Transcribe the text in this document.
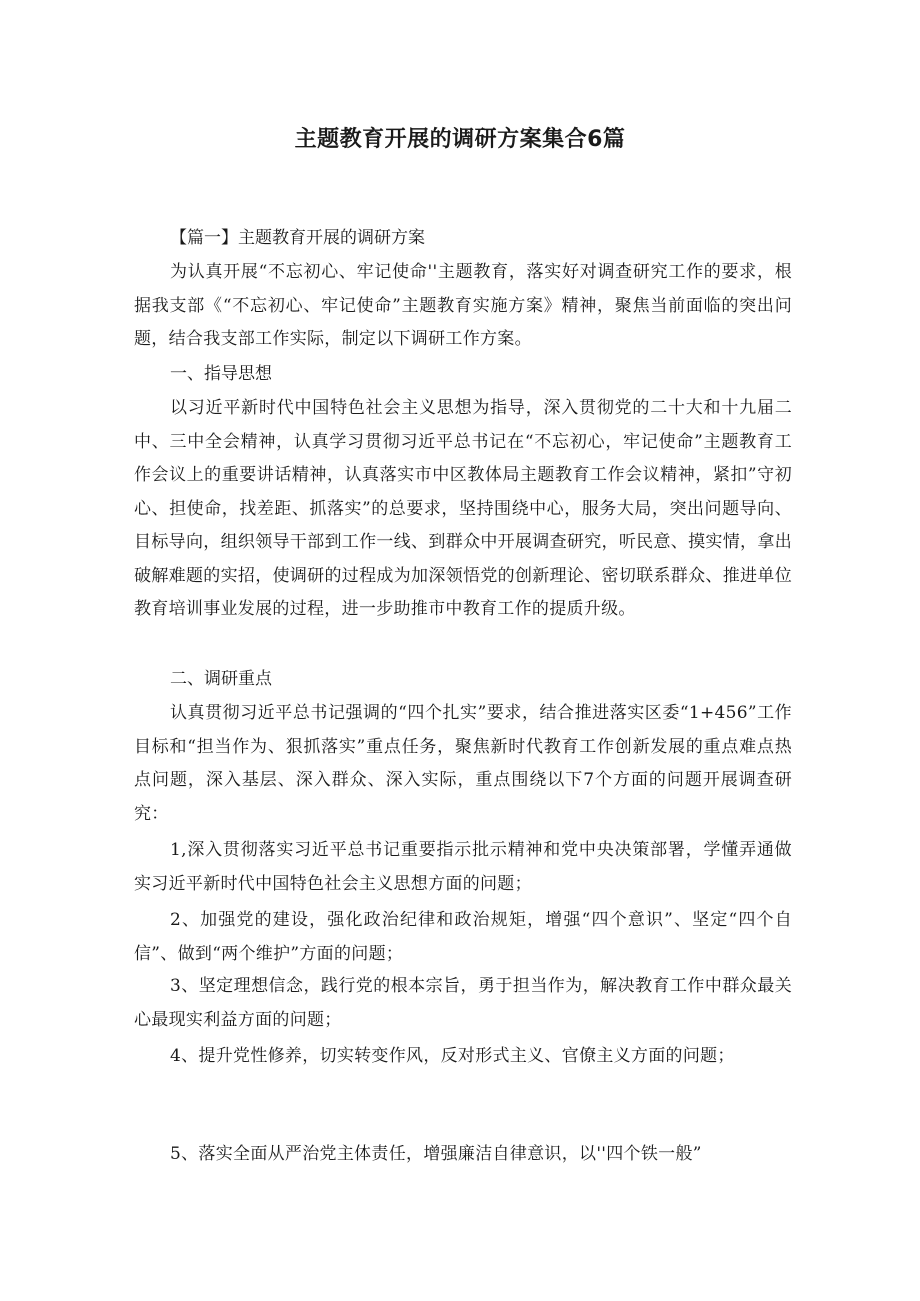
主题教育开展的调研方案集合6篇

【篇一】主题教育开展的调研方案

为认真开展“不忘初心、牢记使命''主题教育，落实好对调查研究工作的要求，根据我支部《“不忘初心、牢记使命”主题教育实施方案》精神，聚焦当前面临的突出问题，结合我支部工作实际，制定以下调研工作方案。

一、指导思想

以习近平新时代中国特色社会主义思想为指导，深入贯彻党的二十大和十九届二中、三中全会精神，认真学习贯彻习近平总书记在“不忘初心，牢记使命”主题教育工作会议上的重要讲话精神，认真落实市中区教体局主题教育工作会议精神，紧扣”守初心、担使命，找差距、抓落实”的总要求，坚持围绕中心，服务大局，突出问题导向、目标导向，组织领导干部到工作一线、到群众中开展调查研究，听民意、摸实情，拿出破解难题的实招，使调研的过程成为加深领悟党的创新理论、密切联系群众、推进单位教育培训事业发展的过程，进一步助推市中教育工作的提质升级。

二、调研重点

认真贯彻习近平总书记强调的“四个扎实”要求，结合推进落实区委“1+456”工作目标和“担当作为、狠抓落实”重点任务，聚焦新时代教育工作创新发展的重点难点热点问题，深入基层、深入群众、深入实际，重点围绕以下7个方面的问题开展调查研究：

1,深入贯彻落实习近平总书记重要指示批示精神和党中央决策部署，学懂弄通做实习近平新时代中国特色社会主义思想方面的问题；

2、加强党的建设，强化政治纪律和政治规矩，增强“四个意识”、坚定“四个自信”、做到“两个维护”方面的问题；

3、坚定理想信念，践行党的根本宗旨，勇于担当作为，解决教育工作中群众最关心最现实利益方面的问题；

4、提升党性修养，切实转变作风，反对形式主义、官僚主义方面的问题；

5、落实全面从严治党主体责任，增强廉洁自律意识，以''四个铁一般”
